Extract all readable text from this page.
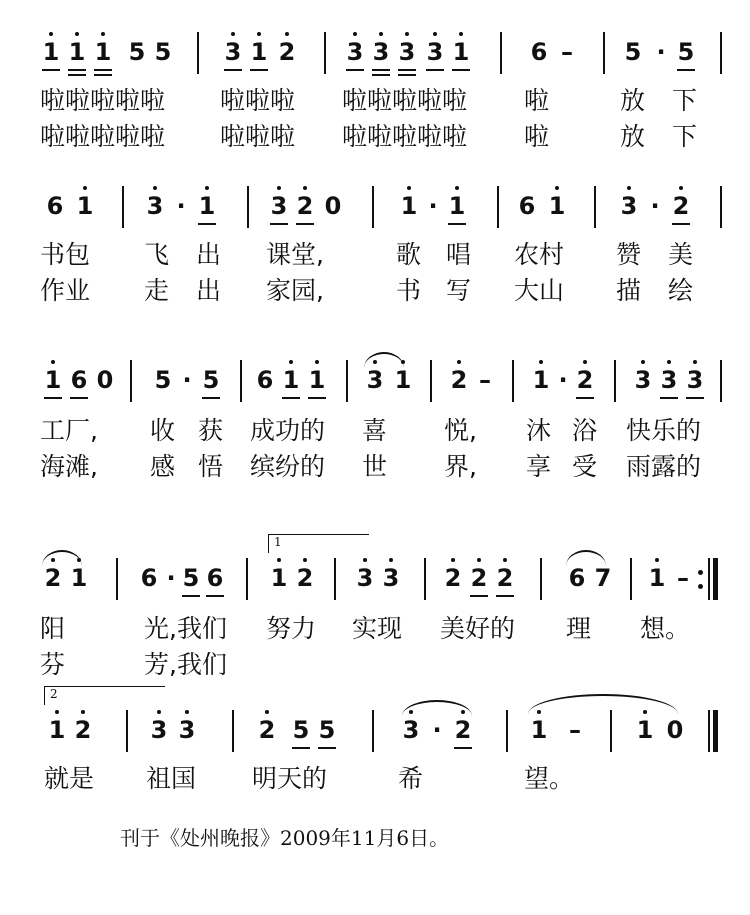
1 1 1 5 5 3 1 2 3 3 3 3 1	6 – 5 · 5
啦啦啦啦啦 啦啦啦 啦啦啦啦啦 啦	放 下
啦啦啦啦啦 啦啦啦 啦啦啦啦啦 啦	放 下
6 1 3 · 1 3 2 0 1 · 1 6 1 3 · 2
书包 飞 出 课堂,	歌 唱 农村 赞 美
作业 走 出 家园,	书 写 大山 描 绘
1 6 0 5 · 5 6 1 1 3 1 2 – 1 · 2 3 3 3
工厂, 收 获 成功的 喜 悦, 沐 浴 快乐的
海滩, 感 悟 缤纷的 世 界, 享 受 雨露的
1
2 1 6 · 5 6 1 2 3 3 2 2 2 6 7 1 –
阳	光,我们 努力 实现 美好的 理 想。
芬	芳,我们
2
1 2 3 3	2 5 5	3 · 2 1 – 1 0
就是 祖国 明天的	希	望。
刊于《处州晚报》2009年11月6日。
